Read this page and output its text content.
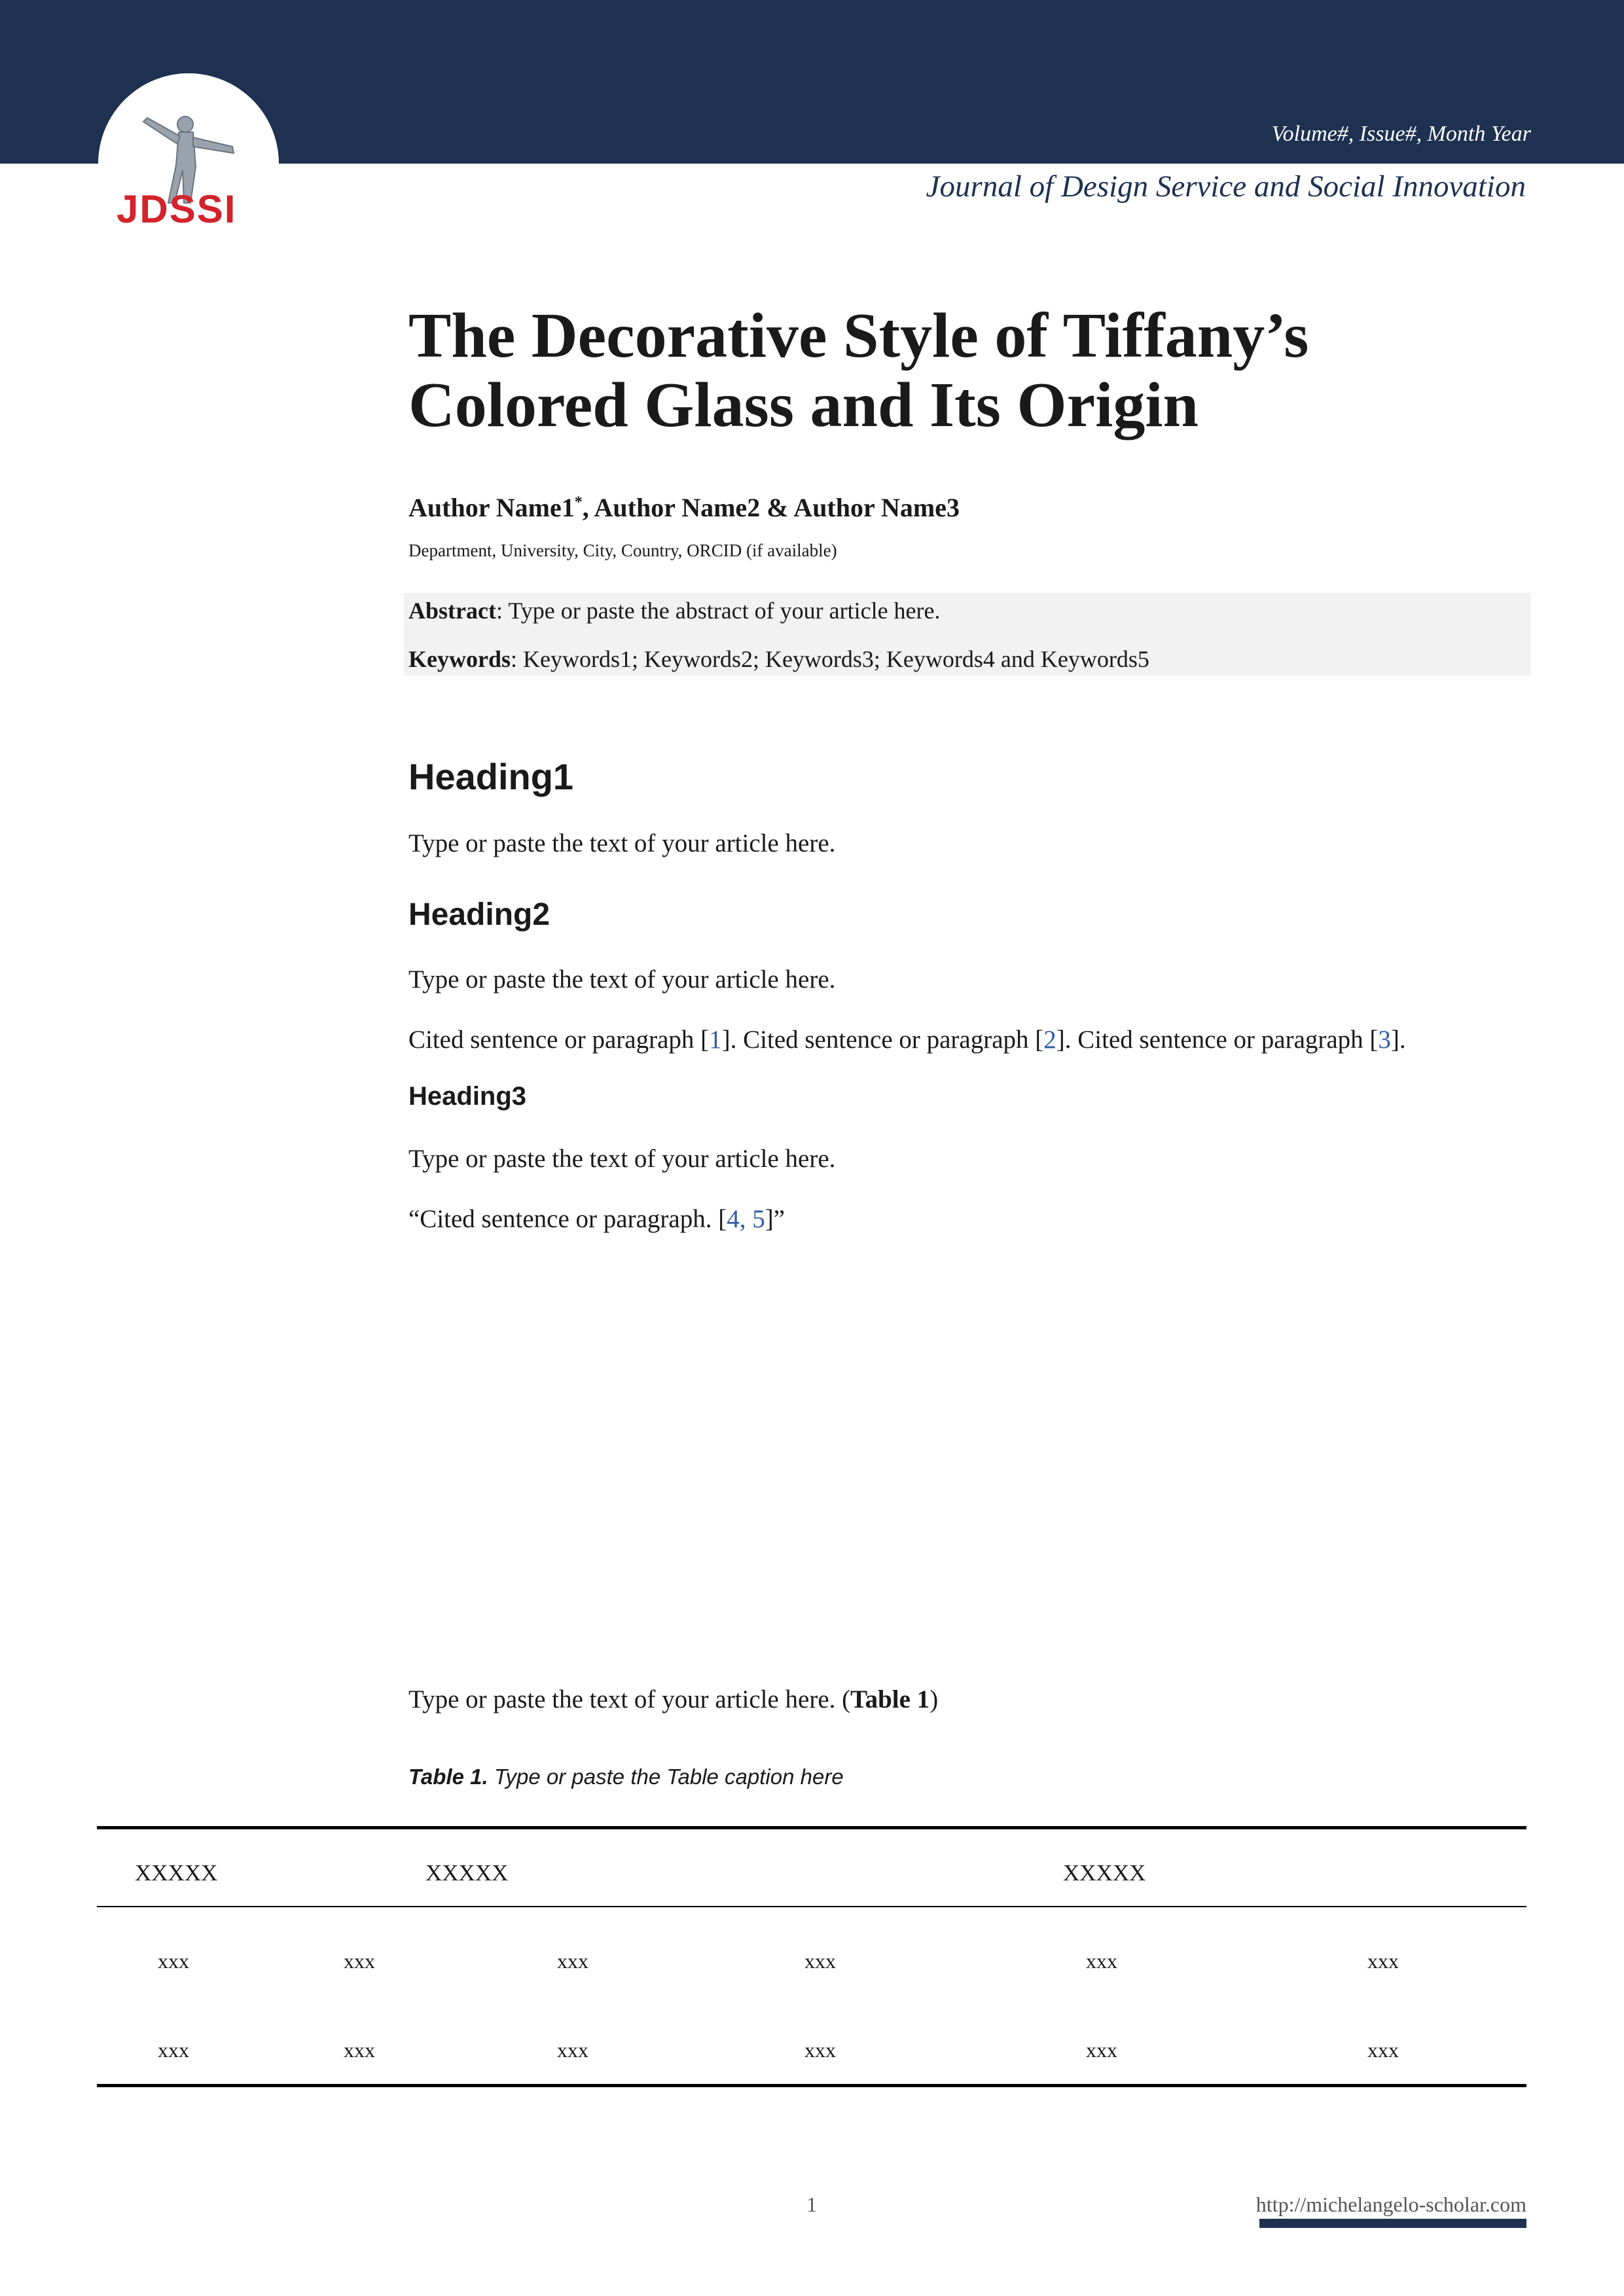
Volume#, Issue#, Month Year
Journal of Design Service and Social Innovation
JDSSI
The Decorative Style of Tiffany’s Colored Glass and Its Origin
Author Name1*, Author Name2 & Author Name3
Department, University, City, Country, ORCID (if available)
Abstract: Type or paste the abstract of your article here.
Keywords: Keywords1; Keywords2; Keywords3; Keywords4 and Keywords5
Heading1
Type or paste the text of your article here.
Heading2
Type or paste the text of your article here.
Cited sentence or paragraph [1]. Cited sentence or paragraph [2]. Cited sentence or paragraph [3].
Heading3
Type or paste the text of your article here.
“Cited sentence or paragraph. [4, 5]”
Type or paste the text of your article here. (Table 1)
Table 1. Type or paste the Table caption here
XXXXX	XXXXX	XXXXX
xxx	xxx	xxx	xxx	xxx	xxx
xxx	xxx	xxx	xxx	xxx	xxx
1	http://michelangelo-scholar.com
